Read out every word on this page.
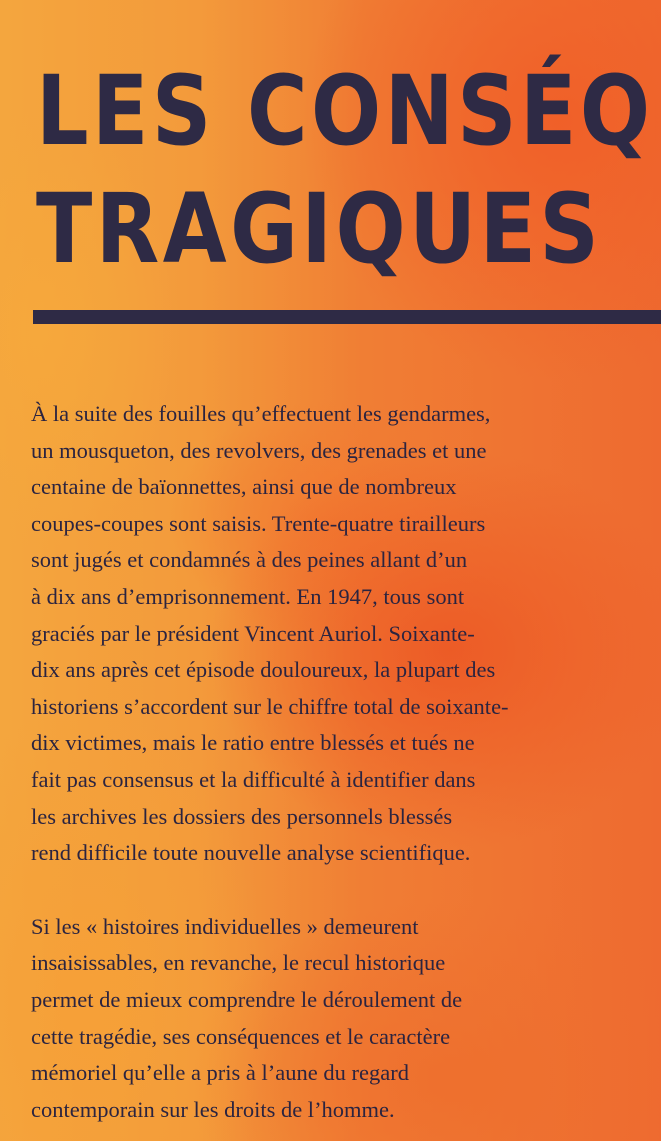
LES CONSÉQ
TRAGIQUES

À la suite des fouilles qu’effectuent les gendarmes,
un mousqueton, des revolvers, des grenades et une
centaine de baïonnettes, ainsi que de nombreux
coupes-coupes sont saisis. Trente-quatre tirailleurs
sont jugés et condamnés à des peines allant d’un
à dix ans d’emprisonnement. En 1947, tous sont
graciés par le président Vincent Auriol. Soixante-
dix ans après cet épisode douloureux, la plupart des
historiens s’accordent sur le chiffre total de soixante-
dix victimes, mais le ratio entre blessés et tués ne
fait pas consensus et la difficulté à identifier dans
les archives les dossiers des personnels blessés
rend difficile toute nouvelle analyse scientifique.

Si les « histoires individuelles » demeurent
insaisissables, en revanche, le recul historique
permet de mieux comprendre le déroulement de
cette tragédie, ses conséquences et le caractère
mémoriel qu’elle a pris à l’aune du regard
contemporain sur les droits de l’homme.
